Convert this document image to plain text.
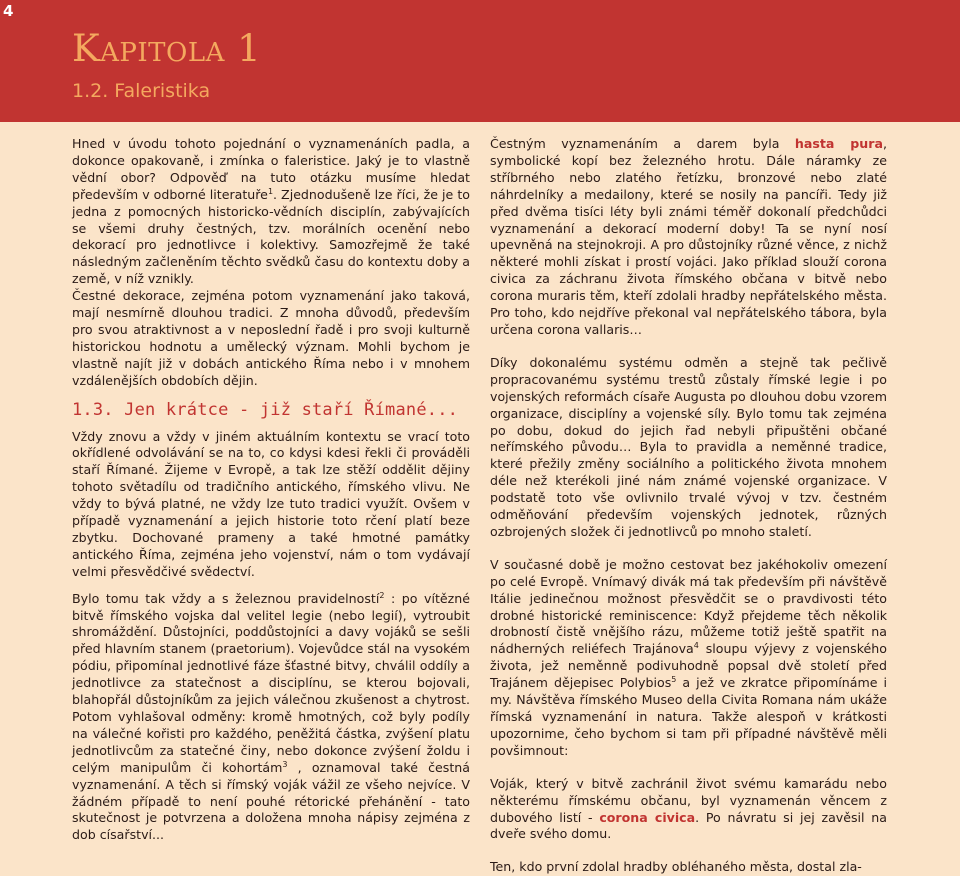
4
Kapitola 1
1.2. Faleristika

Hned v úvodu tohoto pojednání o vyznamenáních padla, a dokonce opakovaně, i zmínka o faleristice. Jaký je to vlastně vědní obor? Odpověď na tuto otázku musíme hledat především v odborné literatuře$^1$. Zjednodušeně lze říci, že je to jedna z pomocných historicko-vědních disciplín, zabývajících se všemi druhy čestných, tzv. morálních ocenění nebo dekorací pro jednotlivce i kolektivy. Samozřejmě že také následným začleněním těchto svědků času do kontextu doby a země, v níž vznikly.

Čestné dekorace, zejména potom vyznamenání jako taková, mají nesmírně dlouhou tradici. Z mnoha důvodů, především pro svou atraktivnost a v neposlední řadě i pro svoji kulturně historickou hodnotu a umělecký význam. Mohli bychom je vlastně najít již v dobách antického Říma nebo i v mnohem vzdálenějších obdobích dějin.

1.3. Jen krátce - již staří Římané...

Vždy znovu a vždy v jiném aktuálním kontextu se vrací toto okřídlené odvolávání se na to, co kdysi kdesi řekli či prováděli staří Římané. Žijeme v Evropě, a tak lze stěží oddělit dějiny tohoto světadílu od tradičního antického, římského vlivu. Ne vždy to bývá platné, ne vždy lze tuto tradici využít. Ovšem v případě vyznamenání a jejich historie toto rčení platí beze zbytku. Dochované prameny a také hmotné památky antického Říma, zejména jeho vojenství, nám o tom vydávají velmi přesvědčivé svědectví.

Bylo tomu tak vždy a s železnou pravidelností$^2$ : po vítězné bitvě římského vojska dal velitel legie (nebo legií), vytroubit shromáždění. Důstojníci, poddůstojníci a davy vojáků se sešli před hlavním stanem (praetorium). Vojevůdce stál na vysokém pódiu, připomínal jednotlivé fáze šťastné bitvy, chválil oddíly a jednotlivce za statečnost a disciplínu, se kterou bojovali, blahopřál důstojníkům za jejich válečnou zkušenost a chytrost. Potom vyhlašoval odměny: kromě hmotných, což byly podíly na válečné kořisti pro každého, peněžitá částka, zvýšení platu jednotlivcům za statečné činy, nebo dokonce zvýšení žoldu i celým manipulům či kohortám$^3$ , oznamoval také čestná vyznamenání. A těch si římský voják vážil ze všeho nejvíce. V žádném případě to není pouhé rétorické přehánění - tato skutečnost je potvrzena a doložena mnoha nápisy zejména z dob císařství...

Čestným vyznamenáním a darem byla hasta pura, symbolické kopí bez železného hrotu. Dále náramky ze stříbrného nebo zlatého řetízku, bronzové nebo zlaté náhrdelníky a medailony, které se nosily na pancíři. Tedy již před dvěma tisíci léty byli známi téměř dokonalí předchůdci vyznamenání a dekorací moderní doby! Ta se nyní nosí upevněná na stejnokroji. A pro důstojníky různé věnce, z nichž některé mohli získat i prostí vojáci. Jako příklad slouží corona civica za záchranu života římského občana v bitvě nebo corona muraris těm, kteří zdolali hradby nepřátelského města. Pro toho, kdo nejdříve překonal val nepřátelského tábora, byla určena corona vallaris…

Díky dokonalému systému odměn a stejně tak pečlivě propracovanému systému trestů zůstaly římské legie i po vojenských reformách císaře Augusta po dlouhou dobu vzorem organizace, disciplíny a vojenské síly. Bylo tomu tak zejména po dobu, dokud do jejich řad nebyli připuštěni občané neřímského původu… Byla to pravidla a neměnné tradice, které přežily změny sociálního a politického života mnohem déle než kterékoli jiné nám známé vojenské organizace. V podstatě toto vše ovlivnilo trvalé vývoj v tzv. čestném odměňování především vojenských jednotek, různých ozbrojených složek či jednotlivců po mnoho staletí.

V současné době je možno cestovat bez jakéhokoliv omezení po celé Evropě. Vnímavý divák má tak především při návštěvě Itálie jedinečnou možnost přesvědčit se o pravdivosti této drobné historické reminiscence: Když přejdeme těch několik drobností čistě vnějšího rázu, můžeme totiž ještě spatřit na nádherných reliéfech Trajánova$^4$ sloupu výjevy z vojenského života, jež neměnně podivuhodně popsal dvě století před Trajánem dějepisec Polybios$^5$ a jež ve zkratce připomínáme i my. Návštěva římského Museo della Civita Romana nám ukáže římská vyznamenání in natura. Takže alespoň v krátkosti upozornime, čeho bychom si tam při případné návštěvě měli povšimnout:

Voják, který v bitvě zachránil život svému kamarádu nebo některému římskému občanu, byl vyznamenán věncem z dubového listí - corona civica. Po návratu si jej zavěsil na dveře svého domu.

Ten, kdo první zdolal hradby obléhaného města, dostal zla-
